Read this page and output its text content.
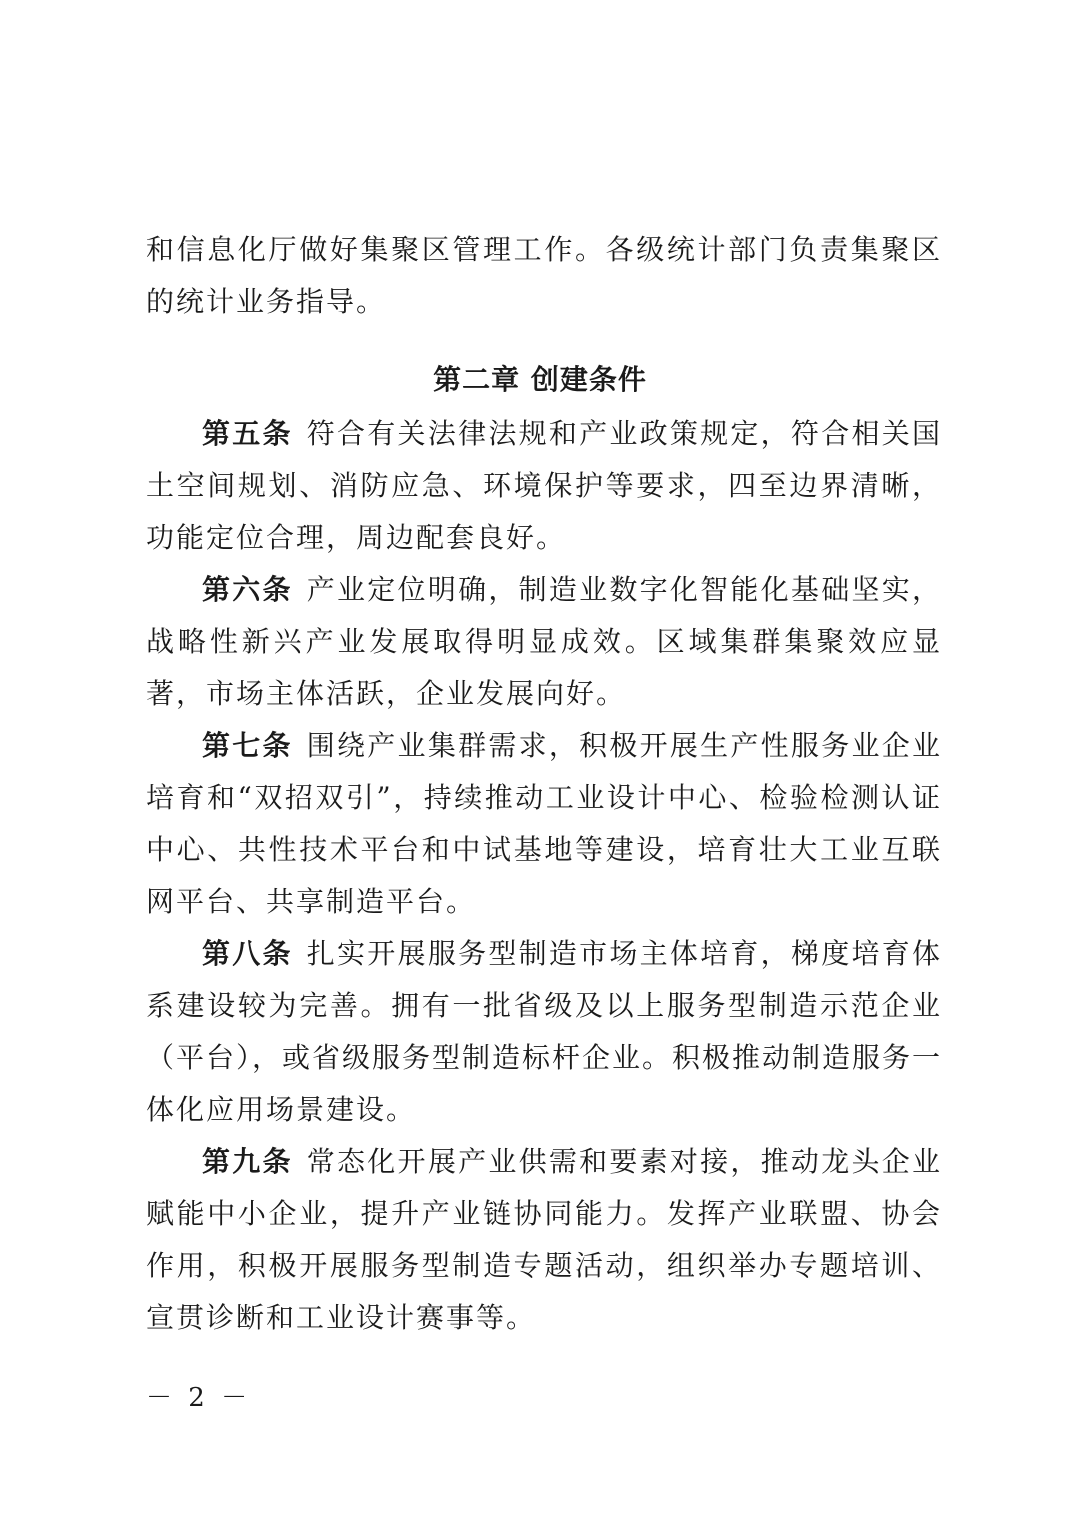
和信息化厅做好集聚区管理工作。各级统计部门负责集聚区的统计业务指导。

第二章 创建条件

第五条 符合有关法律法规和产业政策规定，符合相关国土空间规划、消防应急、环境保护等要求，四至边界清晰，功能定位合理，周边配套良好。

第六条 产业定位明确，制造业数字化智能化基础坚实，战略性新兴产业发展取得明显成效。区域集群集聚效应显著，市场主体活跃，企业发展向好。

第七条 围绕产业集群需求，积极开展生产性服务业企业培育和“双招双引”，持续推动工业设计中心、检验检测认证中心、共性技术平台和中试基地等建设，培育壮大工业互联网平台、共享制造平台。

第八条 扎实开展服务型制造市场主体培育，梯度培育体系建设较为完善。拥有一批省级及以上服务型制造示范企业（平台），或省级服务型制造标杆企业。积极推动制造服务一体化应用场景建设。

第九条 常态化开展产业供需和要素对接，推动龙头企业赋能中小企业，提升产业链协同能力。发挥产业联盟、协会作用，积极开展服务型制造专题活动，组织举办专题培训、宣贯诊断和工业设计赛事等。

－ 2 －
